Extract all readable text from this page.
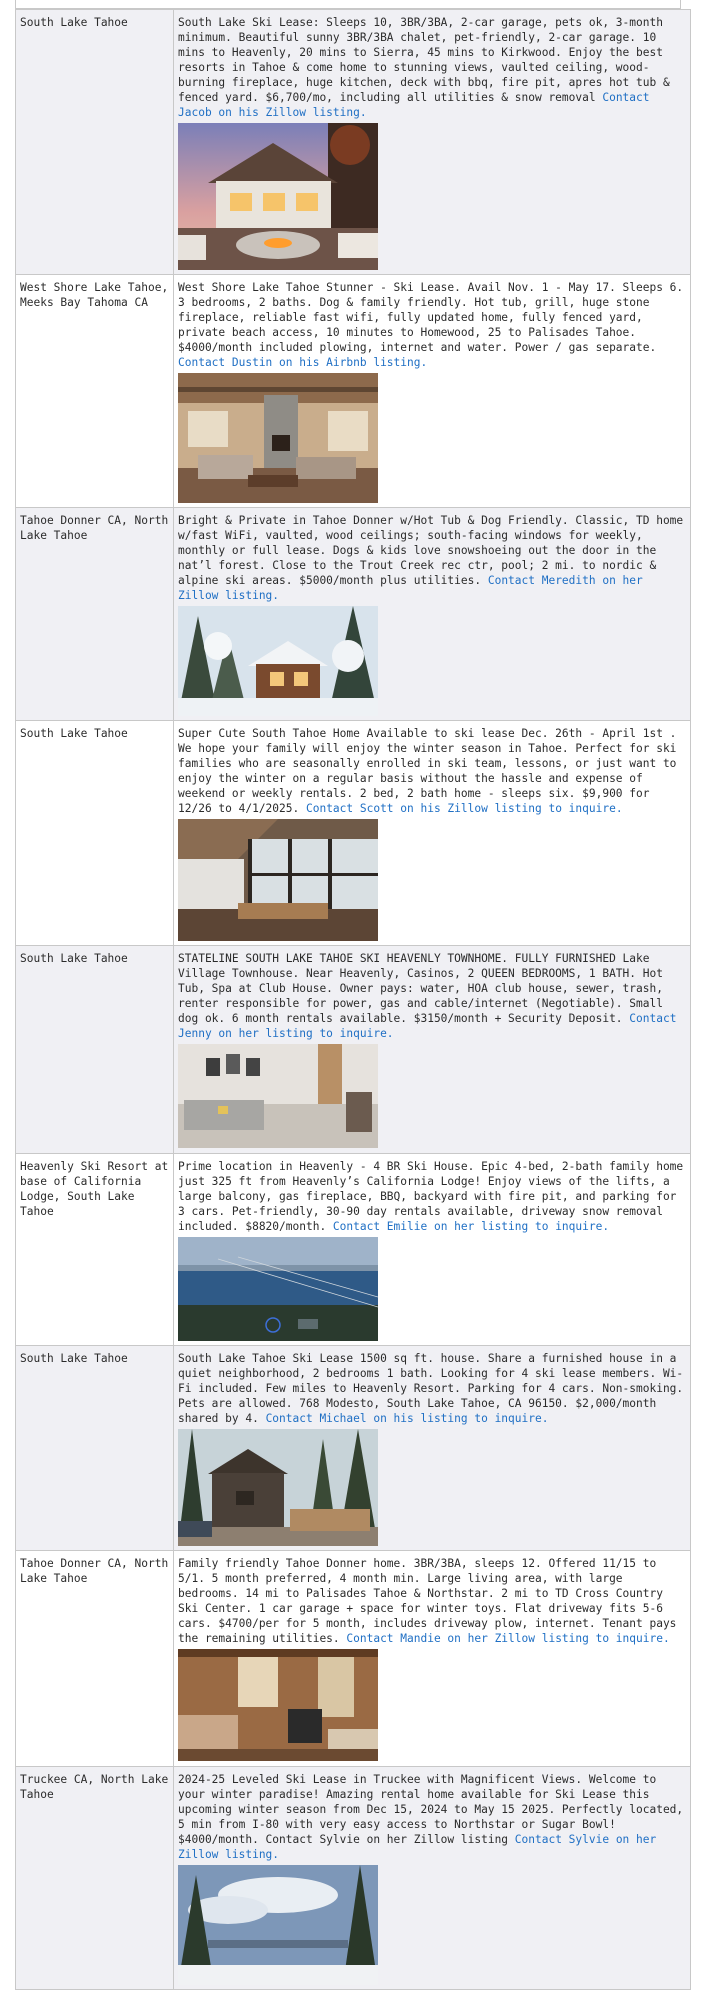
South Lake Tahoe	South Lake Ski Lease: Sleeps 10, 3BR/3BA, 2-car garage, pets ok, 3-month minimum. Beautiful sunny 3BR/3BA chalet, pet-friendly, 2-car garage. 10 mins to Heavenly, 20 mins to Sierra, 45 mins to Kirkwood. Enjoy the best resorts in Tahoe & come home to stunning views, vaulted ceiling, wood-burning fireplace, huge kitchen, deck with bbq, fire pit, apres hot tub & fenced yard. $6,700/mo, including all utilities & snow removal Contact Jacob on his Zillow listing.

West Shore Lake Tahoe, Meeks Bay Tahoma CA	West Shore Lake Tahoe Stunner - Ski Lease. Avail Nov. 1 - May 17. Sleeps 6. 3 bedrooms, 2 baths. Dog & family friendly. Hot tub, grill, huge stone fireplace, reliable fast wifi, fully updated home, fully fenced yard, private beach access, 10 minutes to Homewood, 25 to Palisades Tahoe. $4000/month included plowing, internet and water. Power / gas separate. Contact Dustin on his Airbnb listing.

Tahoe Donner CA, North Lake Tahoe	Bright & Private in Tahoe Donner w/Hot Tub & Dog Friendly. Classic, TD home w/fast WiFi, vaulted, wood ceilings; south-facing windows for weekly, monthly or full lease. Dogs & kids love snowshoeing out the door in the nat’l forest. Close to the Trout Creek rec ctr, pool; 2 mi. to nordic & alpine ski areas. $5000/month plus utilities. Contact Meredith on her Zillow listing.

South Lake Tahoe	Super Cute South Tahoe Home Available to ski lease Dec. 26th - April 1st . We hope your family will enjoy the winter season in Tahoe. Perfect for ski families who are seasonally enrolled in ski team, lessons, or just want to enjoy the winter on a regular basis without the hassle and expense of weekend or weekly rentals. 2 bed, 2 bath home - sleeps six. $9,900 for 12/26 to 4/1/2025. Contact Scott on his Zillow listing to inquire.

South Lake Tahoe	STATELINE SOUTH LAKE TAHOE SKI HEAVENLY TOWNHOME. FULLY FURNISHED Lake Village Townhouse. Near Heavenly, Casinos, 2 QUEEN BEDROOMS, 1 BATH. Hot Tub, Spa at Club House. Owner pays: water, HOA club house, sewer, trash, renter responsible for power, gas and cable/internet (Negotiable). Small dog ok. 6 month rentals available. $3150/month + Security Deposit. Contact Jenny on her listing to inquire.

Heavenly Ski Resort at base of California Lodge, South Lake Tahoe	Prime location in Heavenly - 4 BR Ski House. Epic 4-bed, 2-bath family home just 325 ft from Heavenly’s California Lodge! Enjoy views of the lifts, a large balcony, gas fireplace, BBQ, backyard with fire pit, and parking for 3 cars. Pet-friendly, 30-90 day rentals available, driveway snow removal included. $8820/month. Contact Emilie on her listing to inquire.

South Lake Tahoe	South Lake Tahoe Ski Lease 1500 sq ft. house. Share a furnished house in a quiet neighborhood, 2 bedrooms 1 bath. Looking for 4 ski lease members. Wi-Fi included. Few miles to Heavenly Resort. Parking for 4 cars. Non-smoking. Pets are allowed. 768 Modesto, South Lake Tahoe, CA 96150. $2,000/month shared by 4. Contact Michael on his listing to inquire.

Tahoe Donner CA, North Lake Tahoe	Family friendly Tahoe Donner home. 3BR/3BA, sleeps 12. Offered 11/15 to 5/1. 5 month preferred, 4 month min. Large living area, with large bedrooms. 14 mi to Palisades Tahoe & Northstar. 2 mi to TD Cross Country Ski Center. 1 car garage + space for winter toys. Flat driveway fits 5-6 cars. $4700/per for 5 month, includes driveway plow, internet. Tenant pays the remaining utilities. Contact Mandie on her Zillow listing to inquire.

Truckee CA, North Lake Tahoe	2024-25 Leveled Ski Lease in Truckee with Magnificent Views. Welcome to your winter paradise! Amazing rental home available for Ski Lease this upcoming winter season from Dec 15, 2024 to May 15 2025. Perfectly located, 5 min from I-80 with very easy access to Northstar or Sugar Bowl! $4000/month. Contact Sylvie on her Zillow listing Contact Sylvie on her Zillow listing.
